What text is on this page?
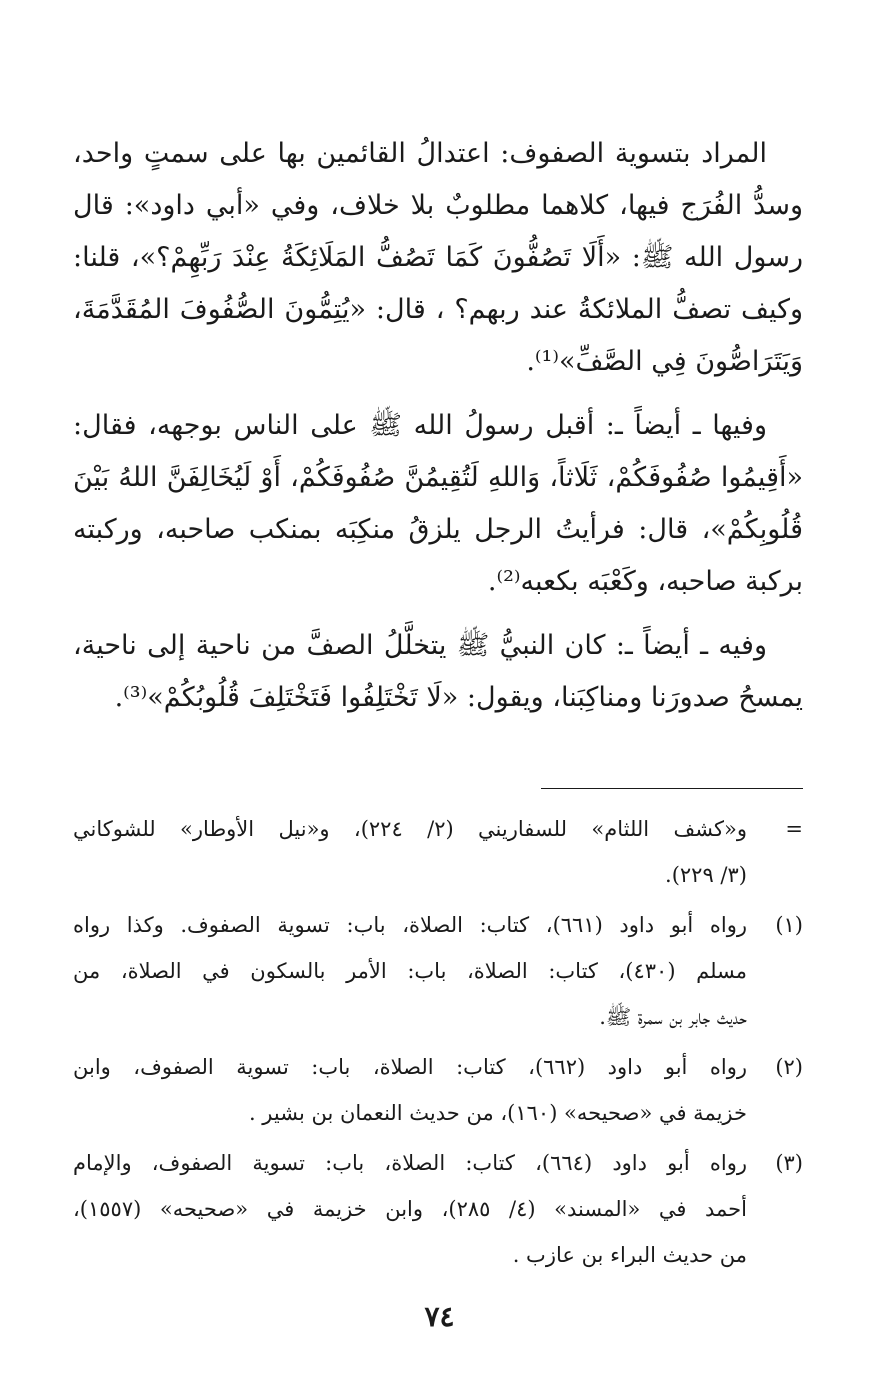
المراد بتسوية الصفوف: اعتدالُ القائمين بها على سمتٍ واحد،
وسدُّ الفُرَج فيها، كلاهما مطلوبٌ بلا خلاف، وفي «أبي داود»: قال
رسول الله ﷺ: «أَلَا تَصُفُّونَ كَمَا تَصُفُّ المَلَائِكَةُ عِنْدَ رَبِّهِمْ؟»، قلنا:
وكيف تصفُّ الملائكةُ عند ربهم؟ ، قال: «يُتِمُّونَ الصُّفُوفَ المُقَدَّمَةَ،
وَيَتَرَاصُّونَ فِي الصَّفِّ»⁽¹⁾.

وفيها ـ أيضاً ـ: أقبل رسولُ الله ﷺ على الناس بوجهه، فقال:
«أَقِيمُوا صُفُوفَكُمْ، ثَلَاثاً، وَاللهِ لَتُقِيمُنَّ صُفُوفَكُمْ، أَوْ لَيُخَالِفَنَّ اللهُ بَيْنَ
قُلُوبِكُمْ»، قال: فرأيتُ الرجل يلزقُ منكِبَه بمنكب صاحبه، وركبته
بركبة صاحبه، وكَعْبَه بكعبه⁽²⁾.

وفيه ـ أيضاً ـ: كان النبيُّ ﷺ يتخلَّلُ الصفَّ من ناحية إلى ناحية،
يمسحُ صدورَنا ومناكِبَنا، ويقول: «لَا تَخْتَلِفُوا فَتَخْتَلِفَ قُلُوبُكُمْ»⁽³⁾.

=
و«كشف اللثام» للسفاريني (٢/ ٢٢٤)، و«نيل الأوطار» للشوكاني
(٣/ ٢٢٩).
(١)
رواه أبو داود (٦٦١)، كتاب: الصلاة، باب: تسوية الصفوف. وكذا رواه
مسلم (٤٣٠)، كتاب: الصلاة، باب: الأمر بالسكون في الصلاة، من
حديث جابر بن سمرة ﷺ.
(٢)
رواه أبو داود (٦٦٢)، كتاب: الصلاة، باب: تسوية الصفوف، وابن
خزيمة في «صحيحه» (١٦٠)، من حديث النعمان بن بشير .
(٣)
رواه أبو داود (٦٦٤)، كتاب: الصلاة، باب: تسوية الصفوف، والإمام
أحمد في «المسند» (٤/ ٢٨٥)، وابن خزيمة في «صحيحه» (١٥٥٧)،
من حديث البراء بن عازب .
٧٤
